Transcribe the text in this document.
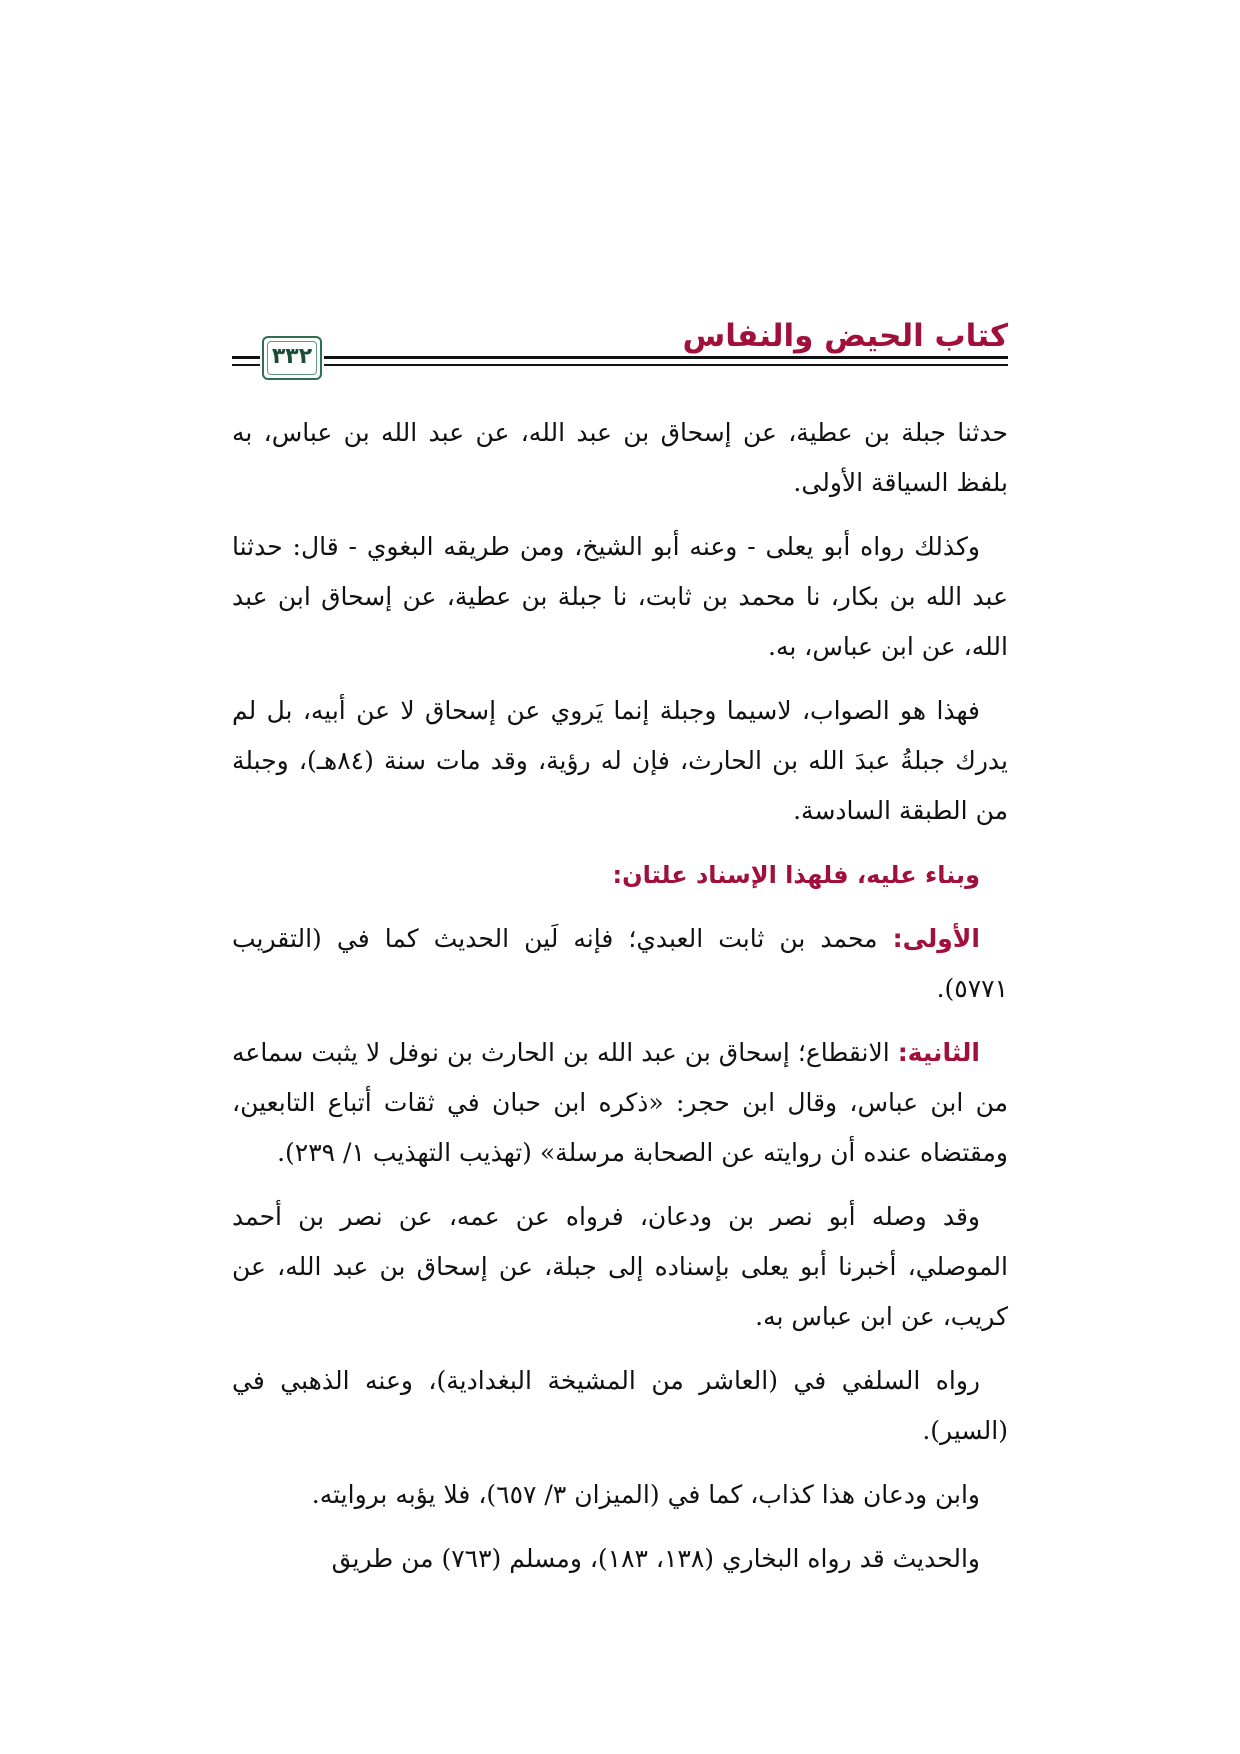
كتاب الحيض والنفاس
٣٣٢

حدثنا جبلة بن عطية، عن إسحاق بن عبد الله، عن عبد الله بن عباس، به بلفظ السياقة الأولى.

وكذلك رواه أبو يعلى - وعنه أبو الشيخ، ومن طريقه البغوي - قال: حدثنا عبد الله بن بكار، نا محمد بن ثابت، نا جبلة بن عطية، عن إسحاق ابن عبد الله، عن ابن عباس، به.

فهذا هو الصواب، لاسيما وجبلة إنما يَروي عن إسحاق لا عن أبيه، بل لم يدرك جبلةُ عبدَ الله بن الحارث، فإن له رؤية، وقد مات سنة (٨٤هـ)، وجبلة من الطبقة السادسة.

وبناء عليه، فلهذا الإسناد علتان:

الأولى: محمد بن ثابت العبدي؛ فإنه لَين الحديث كما في (التقريب ٥٧٧١).

الثانية: الانقطاع؛ إسحاق بن عبد الله بن الحارث بن نوفل لا يثبت سماعه من ابن عباس، وقال ابن حجر: «ذكره ابن حبان في ثقات أتباع التابعين، ومقتضاه عنده أن روايته عن الصحابة مرسلة» (تهذيب التهذيب ١/ ٢٣٩).

وقد وصله أبو نصر بن ودعان، فرواه عن عمه، عن نصر بن أحمد الموصلي، أخبرنا أبو يعلى بإسناده إلى جبلة، عن إسحاق بن عبد الله، عن كريب، عن ابن عباس به.

رواه السلفي في (العاشر من المشيخة البغدادية)، وعنه الذهبي في (السير).

وابن ودعان هذا كذاب، كما في (الميزان ٣/ ٦٥٧)، فلا يؤبه بروايته.

والحديث قد رواه البخاري (١٣٨، ١٨٣)، ومسلم (٧٦٣) من طريق
